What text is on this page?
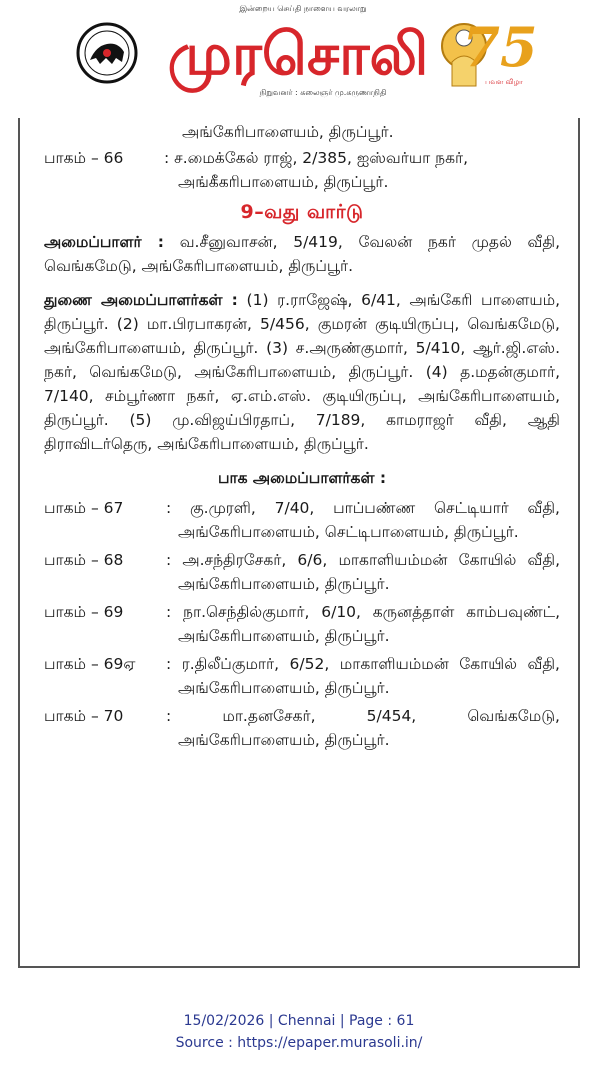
இன்றைய செய்தி நாளைய வரலாறு
முரசொலி
நிறுவனர் : கலைஞர் மு.கருணாநிதி
75
பவள விழா
அங்கேரிபாளையம், திருப்பூர்.
பாகம் – 66	: ச.மைக்கேல் ராஜ், 2/385, ஐஸ்வர்யா நகர்,
அங்கீகரிபாளையம், திருப்பூர்.
9–வது வார்டு

அமைப்பாளர் : வ.சீனுவாசன், 5/419, வேலன் நகர் முதல் வீதி, வெங்கமேடு, அங்கேரிபாளையம், திருப்பூர்.

துணை அமைப்பாளர்கள் : (1) ர.ராஜேஷ், 6/41, அங்கேரி பாளையம், திருப்பூர். (2) மா.பிரபாகரன், 5/456, குமரன் குடியிருப்பு, வெங்கமேடு, அங்கேரிபாளையம், திருப்பூர். (3) ச.அருண்குமார், 5/410, ஆர்.ஜி.எஸ். நகர், வெங்கமேடு, அங்கேரிபாளையம், திருப்பூர். (4) த.மதன்குமார், 7/140, சம்பூர்ணா நகர், ஏ.எம்.எஸ். குடியிருப்பு, அங்கேரிபாளையம், திருப்பூர். (5) மு.விஜய்பிரதாப், 7/189, காமராஜர் வீதி, ஆதி திராவிடர்தெரு, அங்கேரிபாளையம், திருப்பூர்.

பாக அமைப்பாளர்கள் :
பாகம் – 67	: கு.முரளி, 7/40, பாப்பண்ண செட்டியார் வீதி, அங்கேரிபாளையம், செட்டிபாளையம், திருப்பூர்.
பாகம் – 68	: அ.சந்திரசேகர், 6/6, மாகாளியம்மன் கோயில் வீதி, அங்கேரிபாளையம், திருப்பூர்.
பாகம் – 69	: நா.செந்தில்குமார், 6/10, கருனத்தாள் காம்பவுண்ட், அங்கேரிபாளையம், திருப்பூர்.
பாகம் – 69ஏ	: ர.திலீப்குமார், 6/52, மாகாளியம்மன் கோயில் வீதி, அங்கேரிபாளையம், திருப்பூர்.
பாகம் – 70	: மா.தனசேகர், 5/454, வெங்கமேடு, அங்கேரிபாளையம், திருப்பூர்.
15/02/2026 | Chennai | Page : 61
Source : https://epaper.murasoli.in/
